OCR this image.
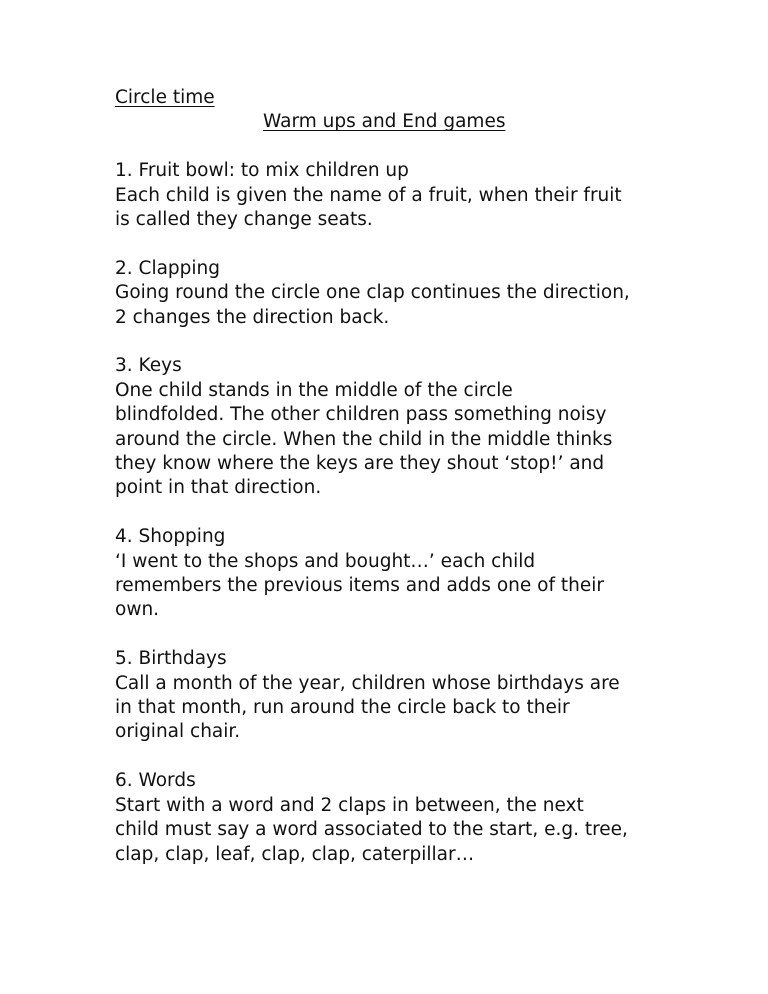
Circle time
Warm ups and End games

1. Fruit bowl: to mix children up

Each child is given the name of a fruit, when their fruit

is called they change seats.

2. Clapping

Going round the circle one clap continues the direction,

2 changes the direction back.

3. Keys

One child stands in the middle of the circle

blindfolded. The other children pass something noisy

around the circle. When the child in the middle thinks

they know where the keys are they shout ‘stop!’ and

point in that direction.

4. Shopping

‘I went to the shops and bought…’ each child

remembers the previous items and adds one of their

own.

5. Birthdays

Call a month of the year, children whose birthdays are

in that month, run around the circle back to their

original chair.

6. Words

Start with a word and 2 claps in between, the next

child must say a word associated to the start, e.g. tree,

clap, clap, leaf, clap, clap, caterpillar…
